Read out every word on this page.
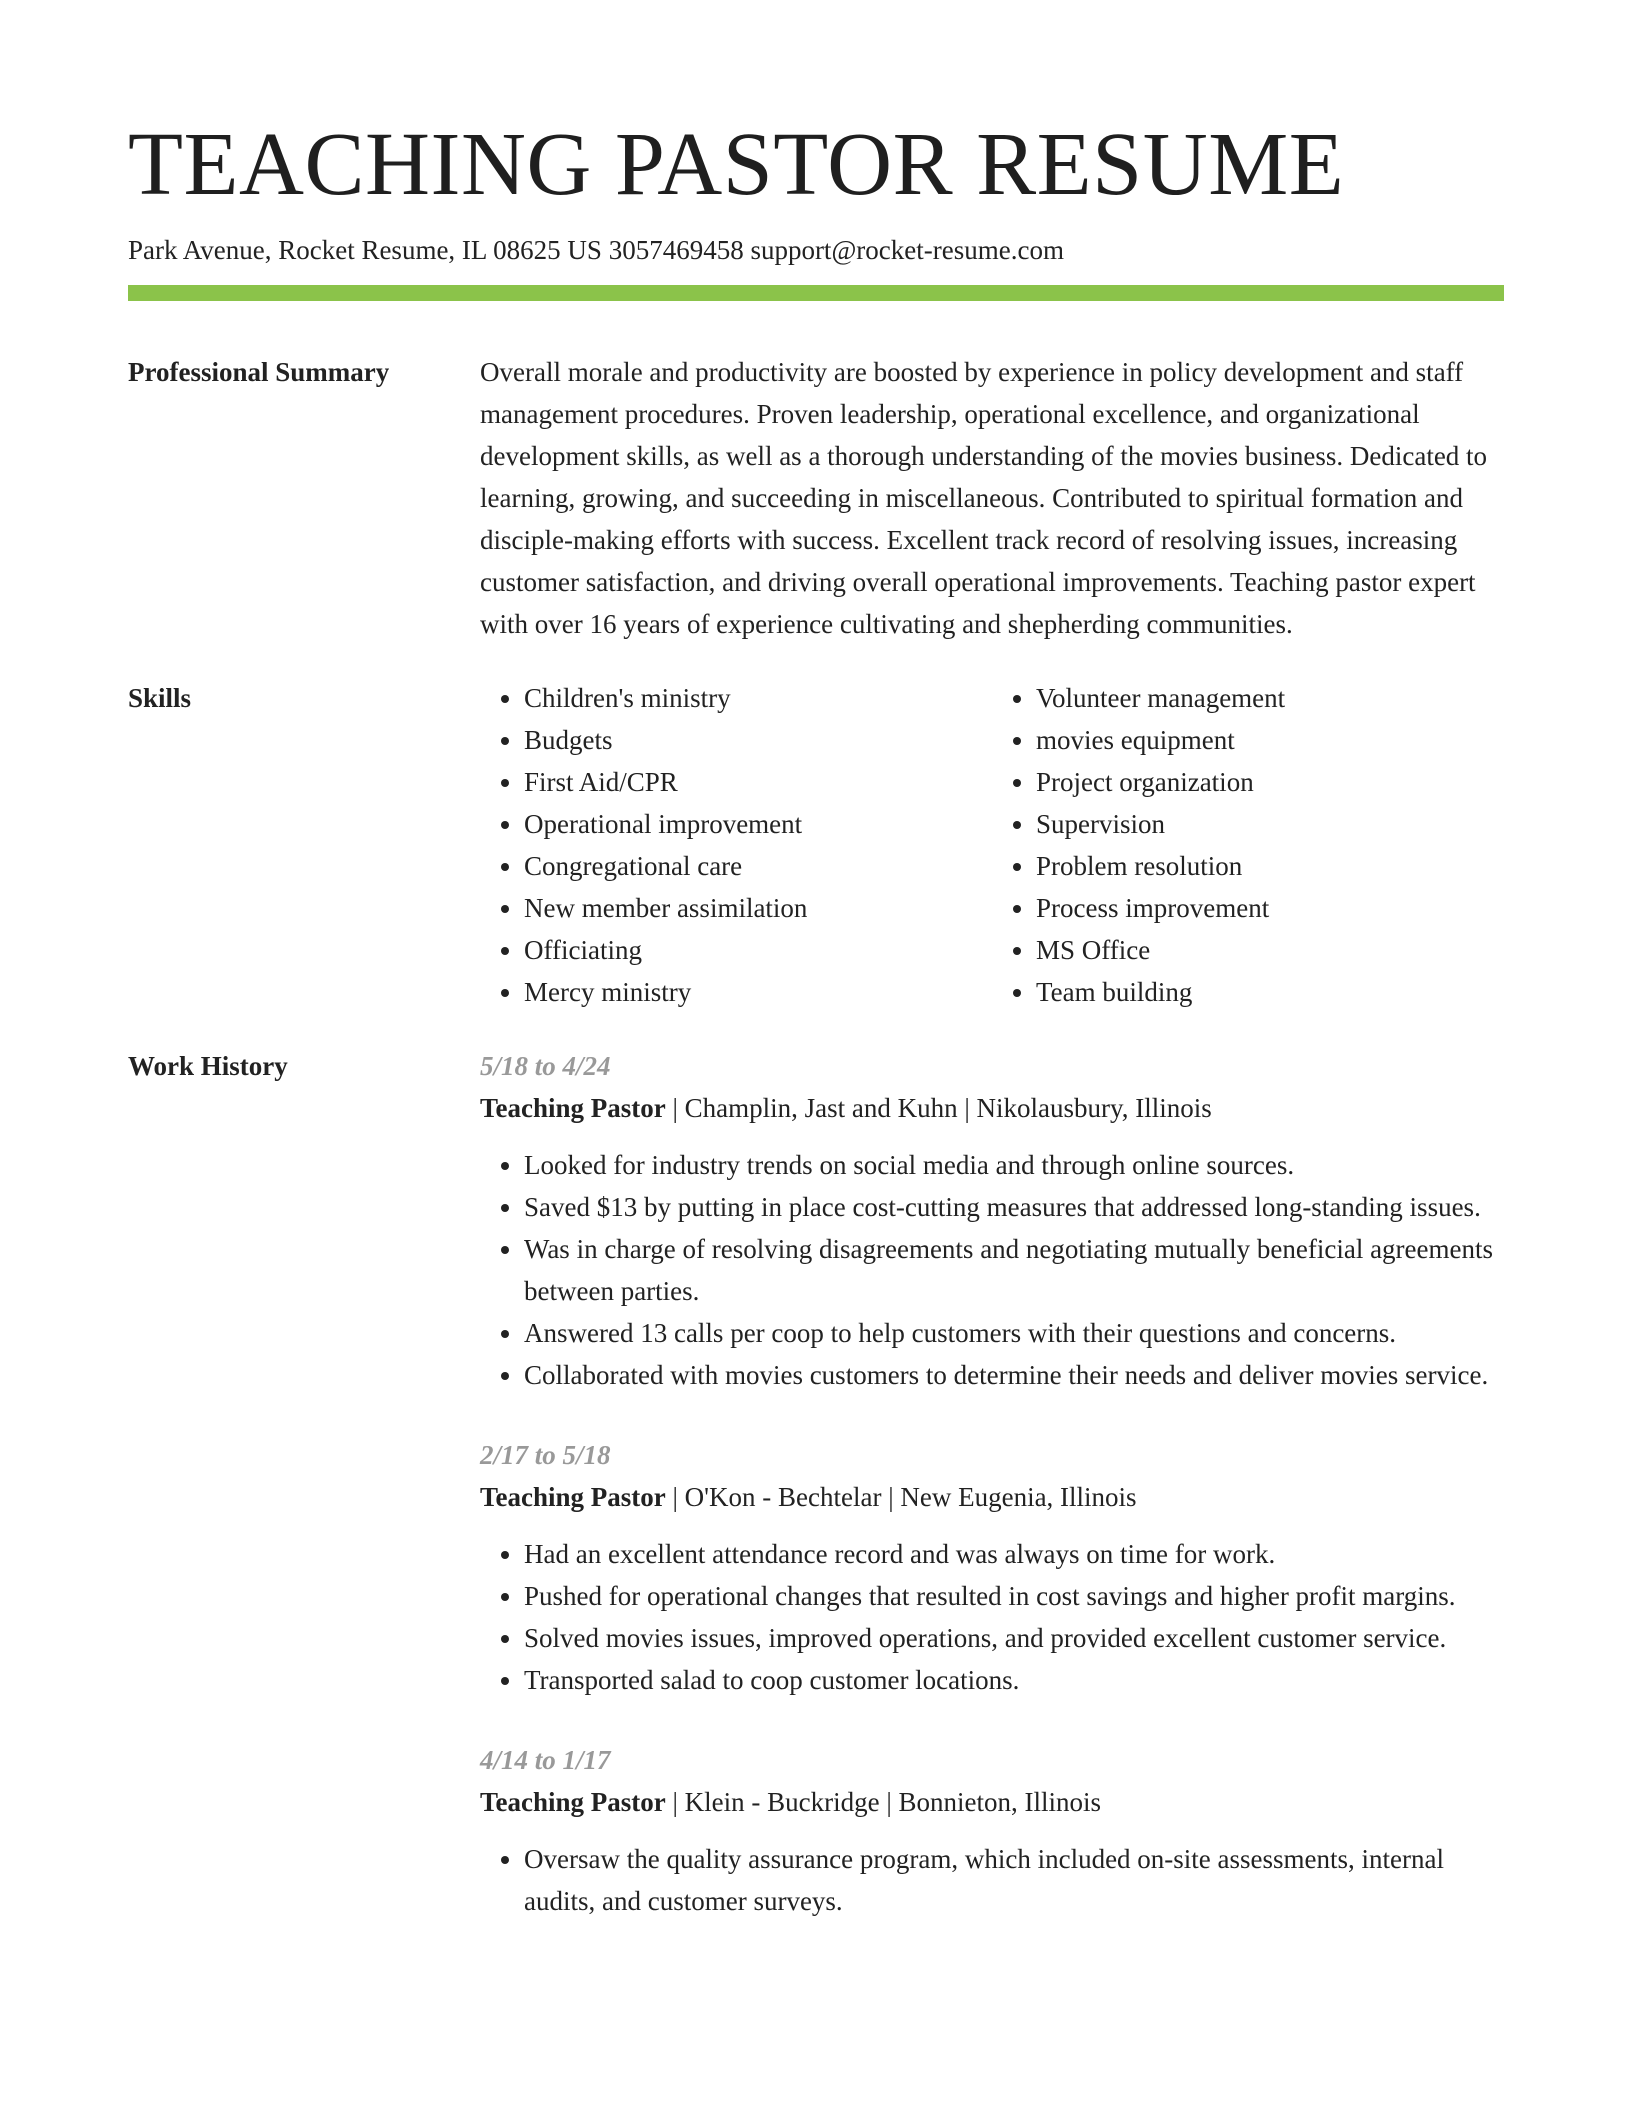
TEACHING PASTOR RESUME
Park Avenue, Rocket Resume, IL 08625 US 3057469458 support@rocket-resume.com
Professional Summary	Overall morale and productivity are boosted by experience in policy development and staff management procedures. Proven leadership, operational excellence, and organizational development skills, as well as a thorough understanding of the movies business. Dedicated to learning, growing, and succeeding in miscellaneous. Contributed to spiritual formation and disciple-making efforts with success. Excellent track record of resolving issues, increasing customer satisfaction, and driving overall operational improvements. Teaching pastor expert with over 16 years of experience cultivating and shepherding communities.
Skills
•	Children's ministry
• Budgets
• First Aid/CPR
• Operational improvement
• Congregational care
• New member assimilation
• Officiating
• Mercy ministry
• Volunteer management
• movies equipment
• Project organization
• Supervision
• Problem resolution
• Process improvement
• MS Office
• Team building
Work History	5/18 to 4/24
Teaching Pastor | Champlin, Jast and Kuhn | Nikolausbury, Illinois
• Looked for industry trends on social media and through online sources.
• Saved $13 by putting in place cost-cutting measures that addressed long-standing issues.
• Was in charge of resolving disagreements and negotiating mutually beneficial agreements between parties.
• Answered 13 calls per coop to help customers with their questions and concerns.
• Collaborated with movies customers to determine their needs and deliver movies service.
2/17 to 5/18
Teaching Pastor | O'Kon - Bechtelar | New Eugenia, Illinois
• Had an excellent attendance record and was always on time for work.
• Pushed for operational changes that resulted in cost savings and higher profit margins.
• Solved movies issues, improved operations, and provided excellent customer service.
• Transported salad to coop customer locations.
4/14 to 1/17
Teaching Pastor | Klein - Buckridge | Bonnieton, Illinois
• Oversaw the quality assurance program, which included on-site assessments, internal audits, and customer surveys.
